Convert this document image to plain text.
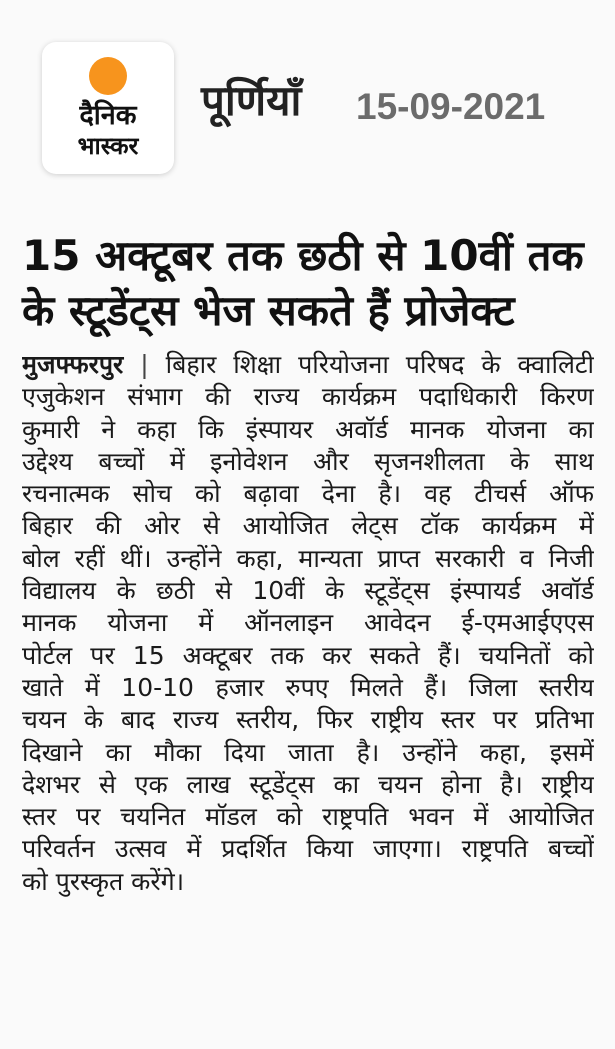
दैनिक
भास्कर
पूर्णियाँ 15-09-2021
15 अक्टूबर तक छठी से 10वीं तक
के स्टूडेंट्स भेज सकते हैं प्रोजेक्ट
मुजफ्फरपुर | बिहार शिक्षा परियोजना परिषद के क्वालिटी
एजुकेशन संभाग की राज्य कार्यक्रम पदाधिकारी किरण
कुमारी ने कहा कि इंस्पायर अवॉर्ड मानक योजना का
उद्देश्य बच्चों में इनोवेशन और सृजनशीलता के साथ
रचनात्मक सोच को बढ़ावा देना है। वह टीचर्स ऑफ
बिहार की ओर से आयोजित लेट्स टॉक कार्यक्रम में
बोल रहीं थीं। उन्होंने कहा, मान्यता प्राप्त सरकारी व निजी
विद्यालय के छठी से 10वीं के स्टूडेंट्स इंस्पायर्ड अवॉर्ड
मानक योजना में ऑनलाइन आवेदन ई-एमआईएएस
पोर्टल पर 15 अक्टूबर तक कर सकते हैं। चयनितों को
खाते में 10-10 हजार रुपए मिलते हैं। जिला स्तरीय
चयन के बाद राज्य स्तरीय, फिर राष्ट्रीय स्तर पर प्रतिभा
दिखाने का मौका दिया जाता है। उन्होंने कहा, इसमें
देशभर से एक लाख स्टूडेंट्स का चयन होना है। राष्ट्रीय
स्तर पर चयनित मॉडल को राष्ट्रपति भवन में आयोजित
परिवर्तन उत्सव में प्रदर्शित किया जाएगा। राष्ट्रपति बच्चों
को पुरस्कृत करेंगे।
